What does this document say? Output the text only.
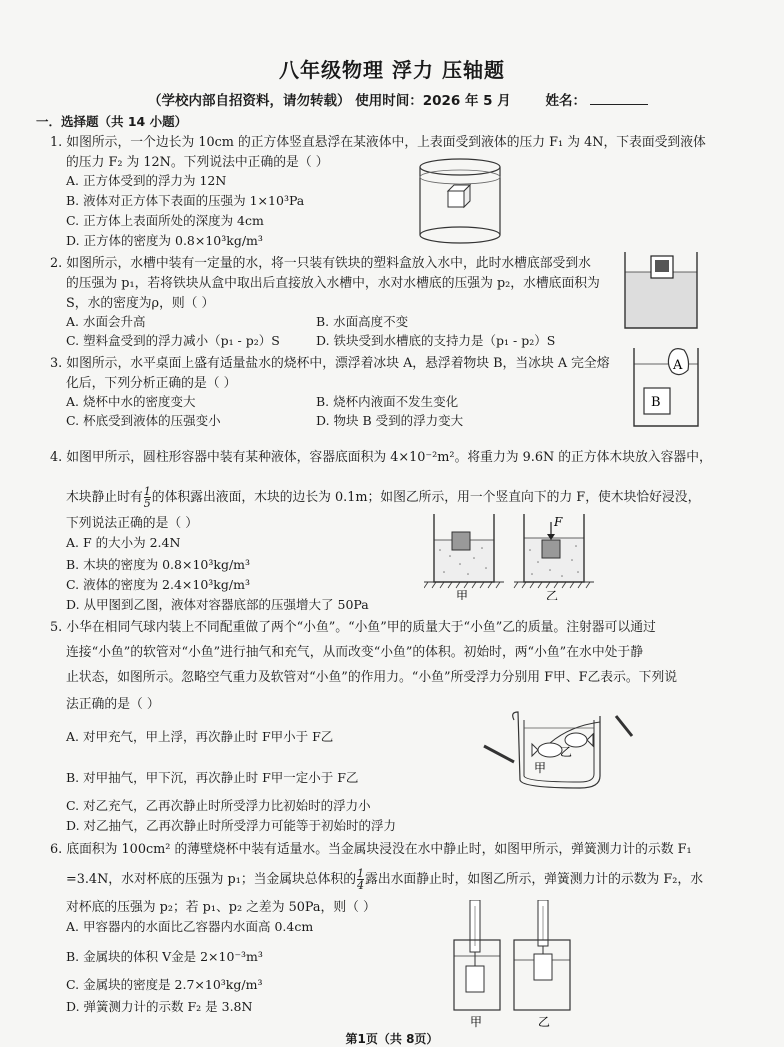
八年级物理 浮力 压轴题
（学校内部自招资料，请勿转载） 使用时间：2026 年 5 月	姓名：
一．选择题（共 14 小题）
1. 如图所示，一个边长为 10cm 的正方体竖直悬浮在某液体中，上表面受到液体的压力 F₁ 为 4N，下表面受到液体
的压力 F₂ 为 12N。下列说法中正确的是（ ）
A. 正方体受到的浮力为 12N
B. 液体对正方体下表面的压强为 1×10³Pa
C. 正方体上表面所处的深度为 4cm
D. 正方体的密度为 0.8×10³kg/m³
2. 如图所示，水槽中装有一定量的水，将一只装有铁块的塑料盒放入水中，此时水槽底部受到水
的压强为 p₁，若将铁块从盒中取出后直接放入水槽中，水对水槽底的压强为 p₂，水槽底面积为
S，水的密度为ρ，则（ ）
A. 水面会升高	B. 水面高度不变
C. 塑料盒受到的浮力减小（p₁ - p₂）S	D. 铁块受到水槽底的支持力是（p₁ - p₂）S
3. 如图所示，水平桌面上盛有适量盐水的烧杯中，漂浮着冰块 A，悬浮着物块 B，当冰块 A 完全熔
化后，下列分析正确的是（ ）
A. 烧杯中水的密度变大	B. 烧杯内液面不发生变化
C. 杯底受到液体的压强变小	D. 物块 B 受到的浮力变大
A
B
4. 如图甲所示，圆柱形容器中装有某种液体，容器底面积为 4×10⁻²m²。将重力为 9.6N 的正方体木块放入容器中，
木块静止时有 $\frac{1}{5}$ 的体积露出液面，木块的边长为 0.1m；如图乙所示，用一个竖直向下的力 F，使木块恰好浸没，
下列说法正确的是（ ）
A. F 的大小为 2.4N
B. 木块的密度为 0.8×10³kg/m³
C. 液体的密度为 2.4×10³kg/m³
D. 从甲图到乙图，液体对容器底部的压强增大了 50Pa
甲
F
乙
5. 小华在相同气球内装上不同配重做了两个“小鱼”。“小鱼”甲的质量大于“小鱼”乙的质量。注射器可以通过
连接“小鱼”的软管对“小鱼”进行抽气和充气，从而改变“小鱼”的体积。初始时，两“小鱼”在水中处于静
止状态，如图所示。忽略空气重力及软管对“小鱼”的作用力。“小鱼”所受浮力分别用 F甲、F乙表示。下列说
法正确的是（ ）
A. 对甲充气，甲上浮，再次静止时 F甲小于 F乙
B. 对甲抽气，甲下沉，再次静止时 F甲一定小于 F乙
C. 对乙充气，乙再次静止时所受浮力比初始时的浮力小
D. 对乙抽气，乙再次静止时所受浮力可能等于初始时的浮力
甲
乙
6. 底面积为 100cm² 的薄壁烧杯中装有适量水。当金属块浸没在水中静止时，如图甲所示，弹簧测力计的示数 F₁
=3.4N，水对杯底的压强为 p₁；当金属块总体积的 $\frac{1}{4}$ 露出水面静止时，如图乙所示，弹簧测力计的示数为 F₂，水
对杯底的压强为 p₂；若 p₁、p₂ 之差为 50Pa，则（ ）
A. 甲容器内的水面比乙容器内水面高 0.4cm
B. 金属块的体积 V金是 2×10⁻³m³
C. 金属块的密度是 2.7×10³kg/m³
D. 弹簧测力计的示数 F₂ 是 3.8N
甲	乙
第1页（共 8页）
